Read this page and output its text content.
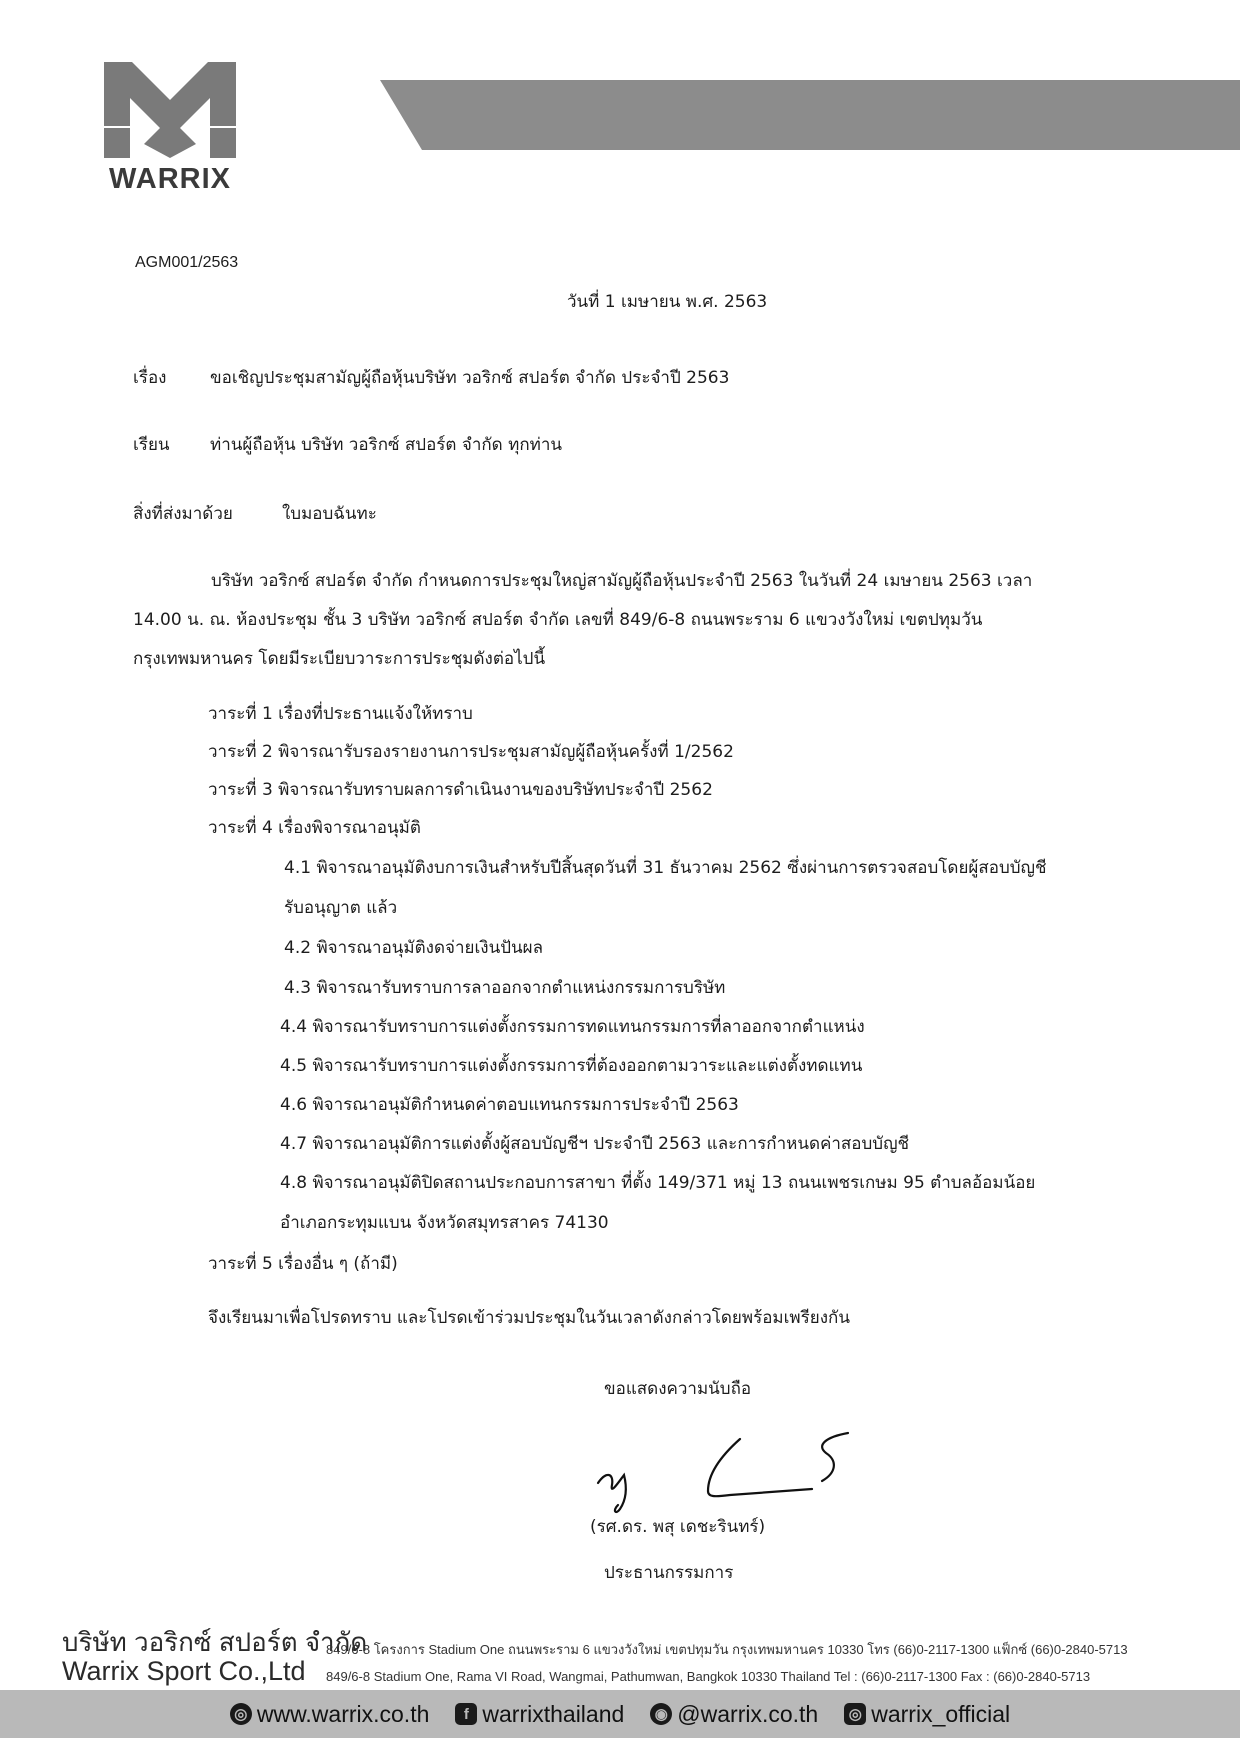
WARRIX
AGM001/2563
วันที่ 1 เมษายน พ.ศ. 2563
เรื่อง	ขอเชิญประชุมสามัญผู้ถือหุ้นบริษัท วอริกซ์ สปอร์ต จำกัด ประจำปี 2563
เรียน ท่านผู้ถือหุ้น บริษัท วอริกซ์ สปอร์ต จำกัด ทุกท่าน
สิ่งที่ส่งมาด้วย	ใบมอบฉันทะ
บริษัท วอริกซ์ สปอร์ต จำกัด กำหนดการประชุมใหญ่สามัญผู้ถือหุ้นประจำปี 2563 ในวันที่ 24 เมษายน 2563 เวลา
14.00 น. ณ. ห้องประชุม ชั้น 3 บริษัท วอริกซ์ สปอร์ต จำกัด เลขที่ 849/6-8 ถนนพระราม 6 แขวงวังใหม่ เขตปทุมวัน
กรุงเทพมหานคร โดยมีระเบียบวาระการประชุมดังต่อไปนี้
วาระที่ 1 เรื่องที่ประธานแจ้งให้ทราบ
วาระที่ 2 พิจารณารับรองรายงานการประชุมสามัญผู้ถือหุ้นครั้งที่ 1/2562
วาระที่ 3 พิจารณารับทราบผลการดำเนินงานของบริษัทประจำปี 2562
วาระที่ 4 เรื่องพิจารณาอนุมัติ
4.1 พิจารณาอนุมัติงบการเงินสำหรับปีสิ้นสุดวันที่ 31 ธันวาคม 2562 ซึ่งผ่านการตรวจสอบโดยผู้สอบบัญชี
รับอนุญาต แล้ว
4.2 พิจารณาอนุมัติงดจ่ายเงินปันผล
4.3 พิจารณารับทราบการลาออกจากตำแหน่งกรรมการบริษัท
4.4 พิจารณารับทราบการแต่งตั้งกรรมการทดแทนกรรมการที่ลาออกจากตำแหน่ง
4.5 พิจารณารับทราบการแต่งตั้งกรรมการที่ต้องออกตามวาระและแต่งตั้งทดแทน
4.6 พิจารณาอนุมัติกำหนดค่าตอบแทนกรรมการประจำปี 2563
4.7 พิจารณาอนุมัติการแต่งตั้งผู้สอบบัญชีฯ ประจำปี 2563 และการกำหนดค่าสอบบัญชี
4.8 พิจารณาอนุมัติปิดสถานประกอบการสาขา ที่ตั้ง 149/371 หมู่ 13 ถนนเพชรเกษม 95 ตำบลอ้อมน้อย
อำเภอกระทุมแบน จังหวัดสมุทรสาคร 74130
วาระที่ 5 เรื่องอื่น ๆ (ถ้ามี)
จึงเรียนมาเพื่อโปรดทราบ และโปรดเข้าร่วมประชุมในวันเวลาดังกล่าวโดยพร้อมเพรียงกัน
ขอแสดงความนับถือ
(รศ.ดร. พสุ เดชะรินทร์)
ประธานกรรมการ
บริษัท วอริกซ์ สปอร์ต จำกัด
Warrix Sport Co.,Ltd
849/6-8 โครงการ Stadium One ถนนพระราม 6 แขวงวังใหม่ เขตปทุมวัน กรุงเทพมหานคร 10330 โทร (66)0-2117-1300 แฟ็กซ์ (66)0-2840-5713
849/6-8 Stadium One, Rama VI Road, Wangmai, Pathumwan, Bangkok 10330 Thailand Tel : (66)0-2117-1300 Fax : (66)0-2840-5713
◎ www.warrix.co.th	f warrixthailand ◉ @warrix.co.th ◎ warrix_official
